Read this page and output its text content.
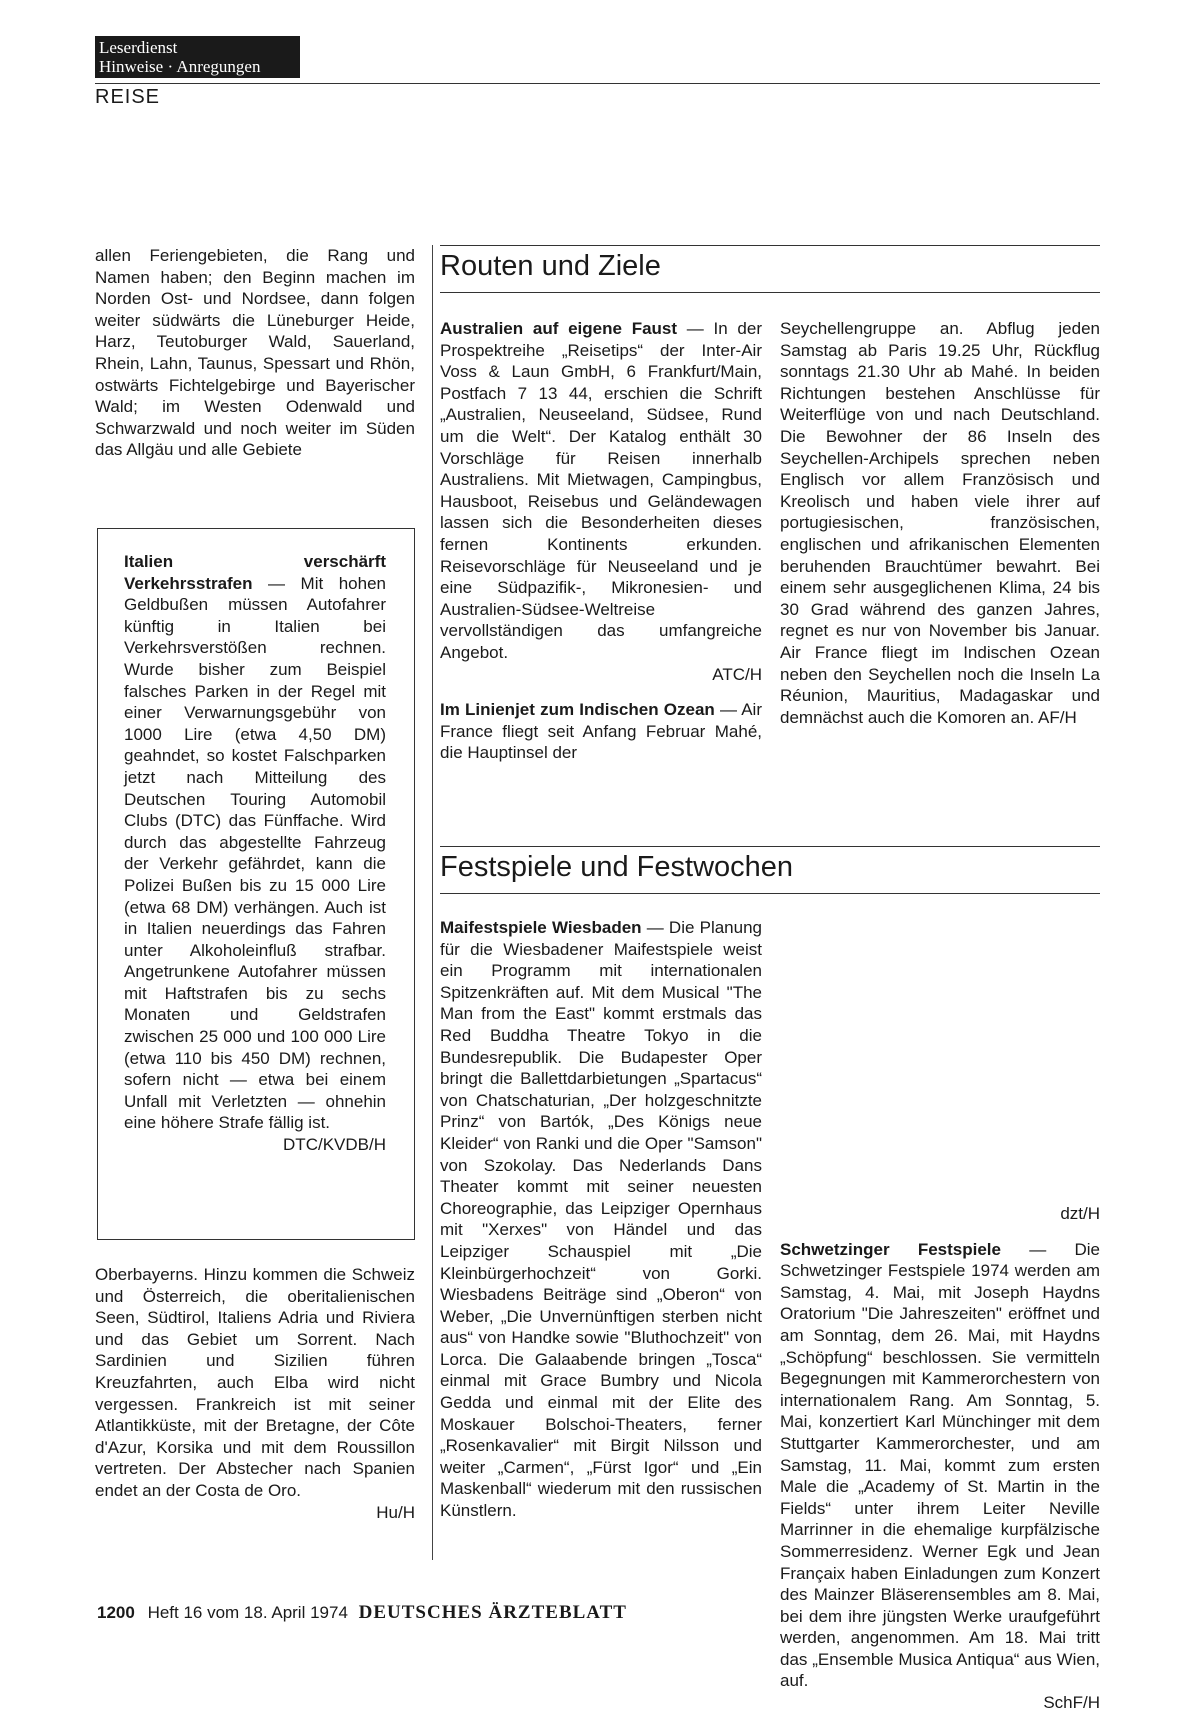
Leserdienst
Hinweise · Anregungen
REISE

allen Feriengebieten, die Rang und Namen haben; den Beginn machen im Norden Ost- und Nordsee, dann folgen weiter südwärts die Lüneburger Heide, Harz, Teutoburger Wald, Sauerland, Rhein, Lahn, Taunus, Spessart und Rhön, ostwärts Fichtelgebirge und Bayerischer Wald; im Westen Odenwald und Schwarzwald und noch weiter im Süden das Allgäu und alle Gebiete

Italien verschärft Verkehrsstrafen — Mit hohen Geldbußen müssen Autofahrer künftig in Italien bei Verkehrsverstößen rechnen. Wurde bisher zum Beispiel falsches Parken in der Regel mit einer Verwarnungsgebühr von 1000 Lire (etwa 4,50 DM) geahndet, so kostet Falschparken jetzt nach Mitteilung des Deutschen Touring Automobil Clubs (DTC) das Fünffache. Wird durch das abgestellte Fahrzeug der Verkehr gefährdet, kann die Polizei Bußen bis zu 15 000 Lire (etwa 68 DM) verhängen. Auch ist in Italien neuerdings das Fahren unter Alkoholeinfluß strafbar. Angetrunkene Autofahrer müssen mit Haftstrafen bis zu sechs Monaten und Geldstrafen zwischen 25 000 und 100 000 Lire (etwa 110 bis 450 DM) rechnen, sofern nicht — etwa bei einem Unfall mit Verletzten — ohnehin eine höhere Strafe fällig ist.

DTC/KVDB/H

Oberbayerns. Hinzu kommen die Schweiz und Österreich, die oberitalienischen Seen, Südtirol, Italiens Adria und Riviera und das Gebiet um Sorrent. Nach Sardinien und Sizilien führen Kreuzfahrten, auch Elba wird nicht vergessen. Frankreich ist mit seiner Atlantikküste, mit der Bretagne, der Côte d'Azur, Korsika und mit dem Roussillon vertreten. Der Abstecher nach Spanien endet an der Costa de Oro.

Hu/H
Routen und Ziele

Australien auf eigene Faust — In der Prospektreihe „Reisetips“ der Inter-Air Voss & Laun GmbH, 6 Frankfurt/Main, Postfach 7 13 44, erschien die Schrift „Australien, Neuseeland, Südsee, Rund um die Welt“. Der Katalog enthält 30 Vorschläge für Reisen innerhalb Australiens. Mit Mietwagen, Campingbus, Hausboot, Reisebus und Geländewagen lassen sich die Besonderheiten dieses fernen Kontinents erkunden. Reisevorschläge für Neuseeland und je eine Südpazifik-, Mikronesien- und Australien-Südsee-Weltreise vervollständigen das umfangreiche Angebot.

ATC/H

Im Linienjet zum Indischen Ozean — Air France fliegt seit Anfang Februar Mahé, die Hauptinsel der

Seychellengruppe an. Abflug jeden Samstag ab Paris 19.25 Uhr, Rückflug sonntags 21.30 Uhr ab Mahé. In beiden Richtungen bestehen Anschlüsse für Weiterflüge von und nach Deutschland. Die Bewohner der 86 Inseln des Seychellen-Archipels sprechen neben Englisch vor allem Französisch und Kreolisch und haben viele ihrer auf portugiesischen, französischen, englischen und afrikanischen Elementen beruhenden Brauchtümer bewahrt. Bei einem sehr ausgeglichenen Klima, 24 bis 30 Grad während des ganzen Jahres, regnet es nur von November bis Januar. Air France fliegt im Indischen Ozean neben den Seychellen noch die Inseln La Réunion, Mauritius, Madagaskar und demnächst auch die Komoren an. AF/H

Festspiele und Festwochen

Maifestspiele Wiesbaden — Die Planung für die Wiesbadener Maifestspiele weist ein Programm mit internationalen Spitzenkräften auf. Mit dem Musical "The Man from the East" kommt erstmals das Red Buddha Theatre Tokyo in die Bundesrepublik. Die Budapester Oper bringt die Ballettdarbietungen „Spartacus“ von Chatschaturian, „Der holzgeschnitzte Prinz“ von Bartók, „Des Königs neue Kleider“ von Ranki und die Oper "Samson" von Szokolay. Das Nederlands Dans Theater kommt mit seiner neuesten Choreographie, das Leipziger Opernhaus mit "Xerxes" von Händel und das Leipziger Schauspiel mit „Die Kleinbürgerhochzeit“ von Gorki. Wiesbadens Beiträge sind „Oberon“ von Weber, „Die Unvernünftigen sterben nicht aus“ von Handke sowie "Bluthochzeit" von Lorca. Die Galaabende bringen „Tosca“ einmal mit Grace Bumbry und Nicola Gedda und einmal mit der Elite des Moskauer Bolschoi-Theaters, ferner „Rosenkavalier“ mit Birgit Nilsson und weiter „Carmen“, „Fürst Igor“ und „Ein Maskenball“ wiederum mit den russischen Künstlern.

dzt/H

Schwetzinger Festspiele — Die Schwetzinger Festspiele 1974 werden am Samstag, 4. Mai, mit Joseph Haydns Oratorium "Die Jahreszeiten" eröffnet und am Sonntag, dem 26. Mai, mit Haydns „Schöpfung“ beschlossen. Sie vermitteln Begegnungen mit Kammerorchestern von internationalem Rang. Am Sonntag, 5. Mai, konzertiert Karl Münchinger mit dem Stuttgarter Kammerorchester, und am Samstag, 11. Mai, kommt zum ersten Male die „Academy of St. Martin in the Fields“ unter ihrem Leiter Neville Marrinner in die ehemalige kurpfälzische Sommerresidenz. Werner Egk und Jean Françaix haben Einladungen zum Konzert des Mainzer Bläserensembles am 8. Mai, bei dem ihre jüngsten Werke uraufgeführt werden, angenommen. Am 18. Mai tritt das „Ensemble Musica Antiqua“ aus Wien, auf.

SchF/H
1200 Heft 16 vom 18. April 1974 DEUTSCHES ÄRZTEBLATT
